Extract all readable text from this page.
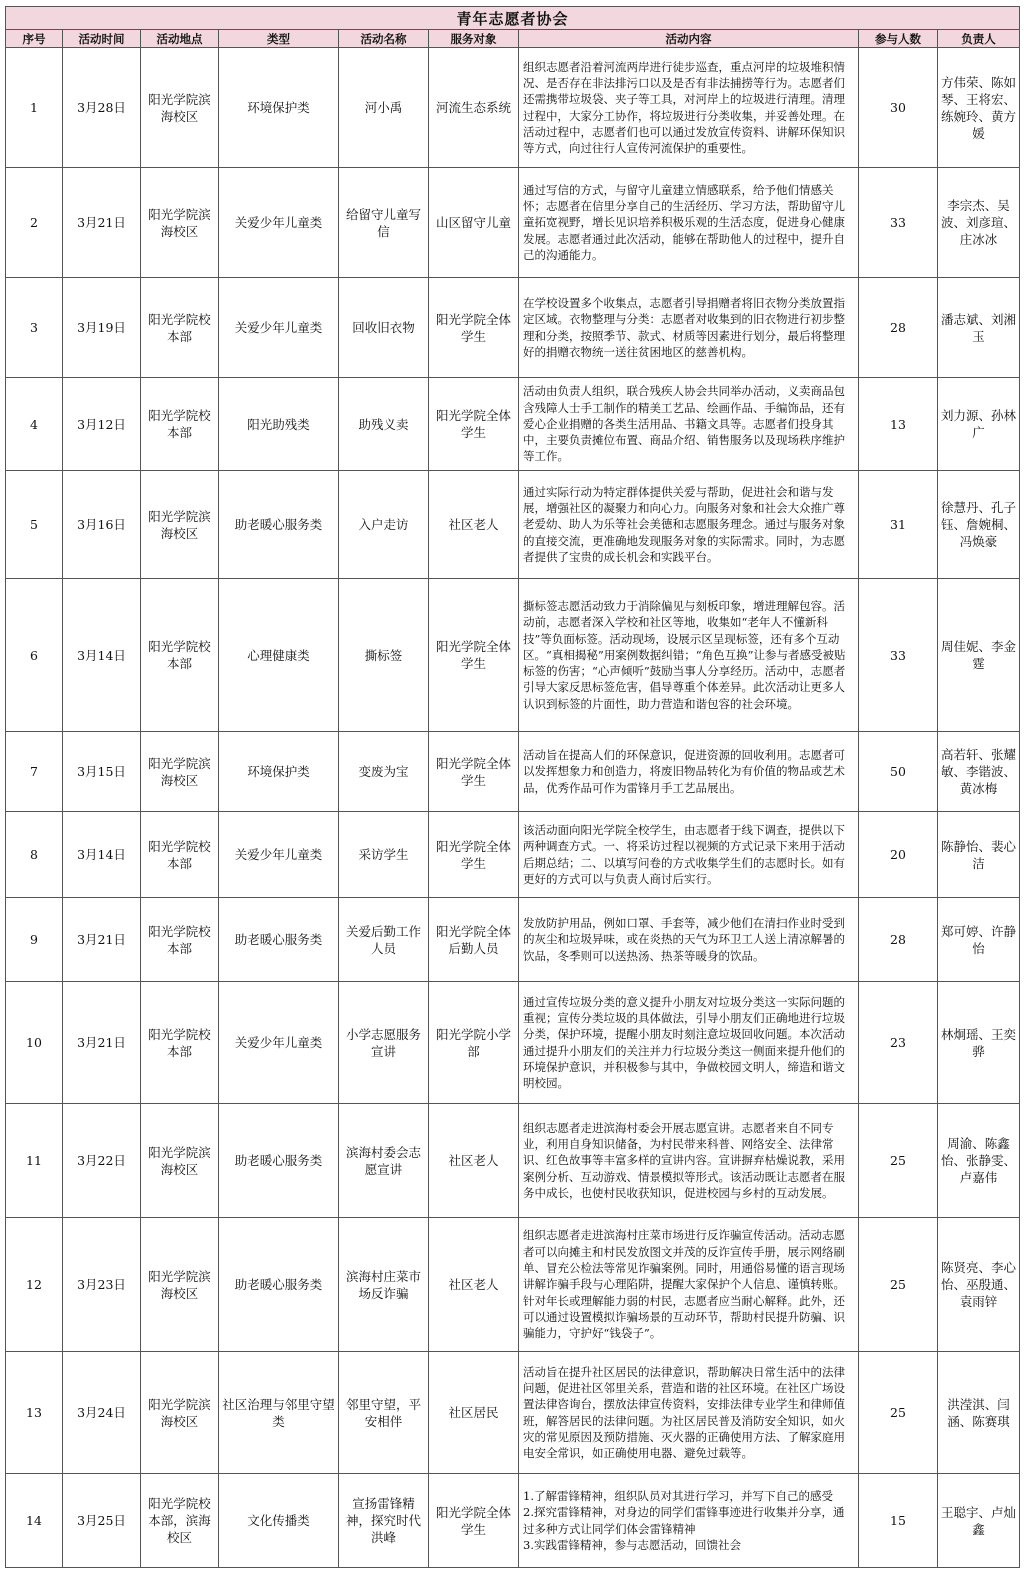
青年志愿者协会								
序号	活动时间	活动地点	类型	活动名称	服务对象	活动内容	参与人数	负责人
1	3月28日	阳光学院滨海校区	环境保护类	河小禹	河流生态系统	组织志愿者沿着河流两岸进行徒步巡查，重点河岸的垃圾堆积情况、是否存在非法排污口以及是否有非法捕捞等行为。志愿者们还需携带垃圾袋、夹子等工具，对河岸上的垃圾进行清理。清理过程中，大家分工协作，将垃圾进行分类收集，并妥善处理。在活动过程中，志愿者们也可以通过发放宣传资料、讲解环保知识等方式，向过往行人宣传河流保护的重要性。	30	方伟荣、陈如琴、王将宏、练婉玲、黄方媛
2	3月21日	阳光学院滨海校区	关爱少年儿童类	给留守儿童写信	山区留守儿童	通过写信的方式，与留守儿童建立情感联系，给予他们情感关怀；志愿者在信里分享自己的生活经历、学习方法，帮助留守儿童拓宽视野，增长见识培养积极乐观的生活态度，促进身心健康发展。志愿者通过此次活动，能够在帮助他人的过程中，提升自己的沟通能力。	33	李宗杰、吴波、刘彦瑄、庄冰冰
3	3月19日	阳光学院校本部	关爱少年儿童类	回收旧衣物	阳光学院全体学生	在学校设置多个收集点，志愿者引导捐赠者将旧衣物分类放置指定区域。衣物整理与分类：志愿者对收集到的旧衣物进行初步整理和分类，按照季节、款式、材质等因素进行划分，最后将整理好的捐赠衣物统一送往贫困地区的慈善机构。	28	潘志斌、刘湘玉
4	3月12日	阳光学院校本部	阳光助残类	助残义卖	阳光学院全体学生	活动由负责人组织，联合残疾人协会共同举办活动，义卖商品包含残障人士手工制作的精美工艺品、绘画作品、手编饰品，还有爱心企业捐赠的各类生活用品、书籍文具等。志愿者们投身其中，主要负责摊位布置、商品介绍、销售服务以及现场秩序维护等工作。	13	刘力源、孙林广
5	3月16日	阳光学院滨海校区	助老暖心服务类	入户走访	社区老人	通过实际行动为特定群体提供关爱与帮助，促进社会和谐与发展，增强社区的凝聚力和向心力。向服务对象和社会大众推广尊老爱幼、助人为乐等社会美德和志愿服务理念。通过与服务对象的直接交流，更准确地发现服务对象的实际需求。同时，为志愿者提供了宝贵的成长机会和实践平台。	31	徐慧丹、孔子钰、詹婉桐、冯焕豪
6	3月14日	阳光学院校本部	心理健康类	撕标签	阳光学院全体学生	撕标签志愿活动致力于消除偏见与刻板印象，增进理解包容。活动前，志愿者深入学校和社区等地，收集如“老年人不懂新科技”等负面标签。活动现场，设展示区呈现标签，还有多个互动区。“真相揭秘”用案例数据纠错；“角色互换”让参与者感受被贴标签的伤害；“心声倾听”鼓励当事人分享经历。活动中，志愿者引导大家反思标签危害，倡导尊重个体差异。此次活动让更多人认识到标签的片面性，助力营造和谐包容的社会环境。	33	周佳妮、李金霆
7	3月15日	阳光学院滨海校区	环境保护类	变废为宝	阳光学院全体学生	活动旨在提高人们的环保意识，促进资源的回收利用。志愿者可以发挥想象力和创造力，将废旧物品转化为有价值的物品或艺术品，优秀作品可作为雷锋月手工艺品展出。	50	高若轩、张耀敏、李锴波、黄冰梅
8	3月14日	阳光学院校本部	关爱少年儿童类	采访学生	阳光学院全体学生	该活动面向阳光学院全校学生，由志愿者于线下调查，提供以下两种调查方式。一、将采访过程以视频的方式记录下来用于活动后期总结；二、以填写问卷的方式收集学生们的志愿时长。如有更好的方式可以与负责人商讨后实行。	20	陈静怡、裴心洁
9	3月21日	阳光学院校本部	助老暖心服务类	关爱后勤工作人员	阳光学院全体后勤人员	发放防护用品，例如口罩、手套等，减少他们在清扫作业时受到的灰尘和垃圾异味，或在炎热的天气为环卫工人送上清凉解暑的饮品，冬季则可以送热汤、热茶等暖身的饮品。	28	郑可婷、许静怡
10	3月21日	阳光学院校本部	关爱少年儿童类	小学志愿服务宣讲	阳光学院小学部	通过宣传垃圾分类的意义提升小朋友对垃圾分类这一实际问题的重视；宣传分类垃圾的具体做法，引导小朋友们正确地进行垃圾分类，保护环境，提醒小朋友时刻注意垃圾回收问题。本次活动通过提升小朋友们的关注并力行垃圾分类这一侧面来提升他们的环境保护意识，并积极参与其中，争做校园文明人，缔造和谐文明校园。	23	林炯瑶、王奕骅
11	3月22日	阳光学院滨海校区	助老暖心服务类	滨海村委会志愿宣讲	社区老人	组织志愿者走进滨海村委会开展志愿宣讲。志愿者来自不同专业，利用自身知识储备，为村民带来科普、网络安全、法律常识、红色故事等丰富多样的宣讲内容。宣讲摒弃枯燥说教，采用案例分析、互动游戏、情景模拟等形式。该活动既让志愿者在服务中成长，也使村民收获知识，促进校园与乡村的互动发展。	25	周渝、陈鑫怡、张静雯、卢嘉伟
12	3月23日	阳光学院滨海校区	助老暖心服务类	滨海村庄菜市场反诈骗	社区老人	组织志愿者走进滨海村庄菜市场进行反诈骗宣传活动。活动志愿者可以向摊主和村民发放图文并茂的反诈宣传手册，展示网络刷单、冒充公检法等常见诈骗案例。同时，用通俗易懂的语言现场讲解诈骗手段与心理陷阱，提醒大家保护个人信息、谨慎转账。针对年长或理解能力弱的村民，志愿者应当耐心解释。此外，还可以通过设置模拟诈骗场景的互动环节，帮助村民提升防骗、识骗能力，守护好“钱袋子”。	25	陈贤亮、李心怡、巫殷通、袁雨锌
13	3月24日	阳光学院滨海校区	社区治理与邻里守望类	邻里守望，平安相伴	社区居民	活动旨在提升社区居民的法律意识，帮助解决日常生活中的法律问题，促进社区邻里关系，营造和谐的社区环境。在社区广场设置法律咨询台，摆放法律宣传资料，安排法律专业学生和律师值班，解答居民的法律问题。为社区居民普及消防安全知识，如火灾的常见原因及预防措施、灭火器的正确使用方法、了解家庭用电安全常识，如正确使用电器、避免过载等。	25	洪滢淇、闫涵、陈赛琪
14	3月25日	阳光学院校本部，滨海校区	文化传播类	宣扬雷锋精神，探究时代洪峰	阳光学院全体学生	1.了解雷锋精神，组织队员对其进行学习，并写下自己的感受
2.探究雷锋精神，对身边的同学们雷锋事迹进行收集并分享，通过多种方式让同学们体会雷锋精神
3.实践雷锋精神，参与志愿活动，回馈社会	15	王聪宇、卢灿鑫
